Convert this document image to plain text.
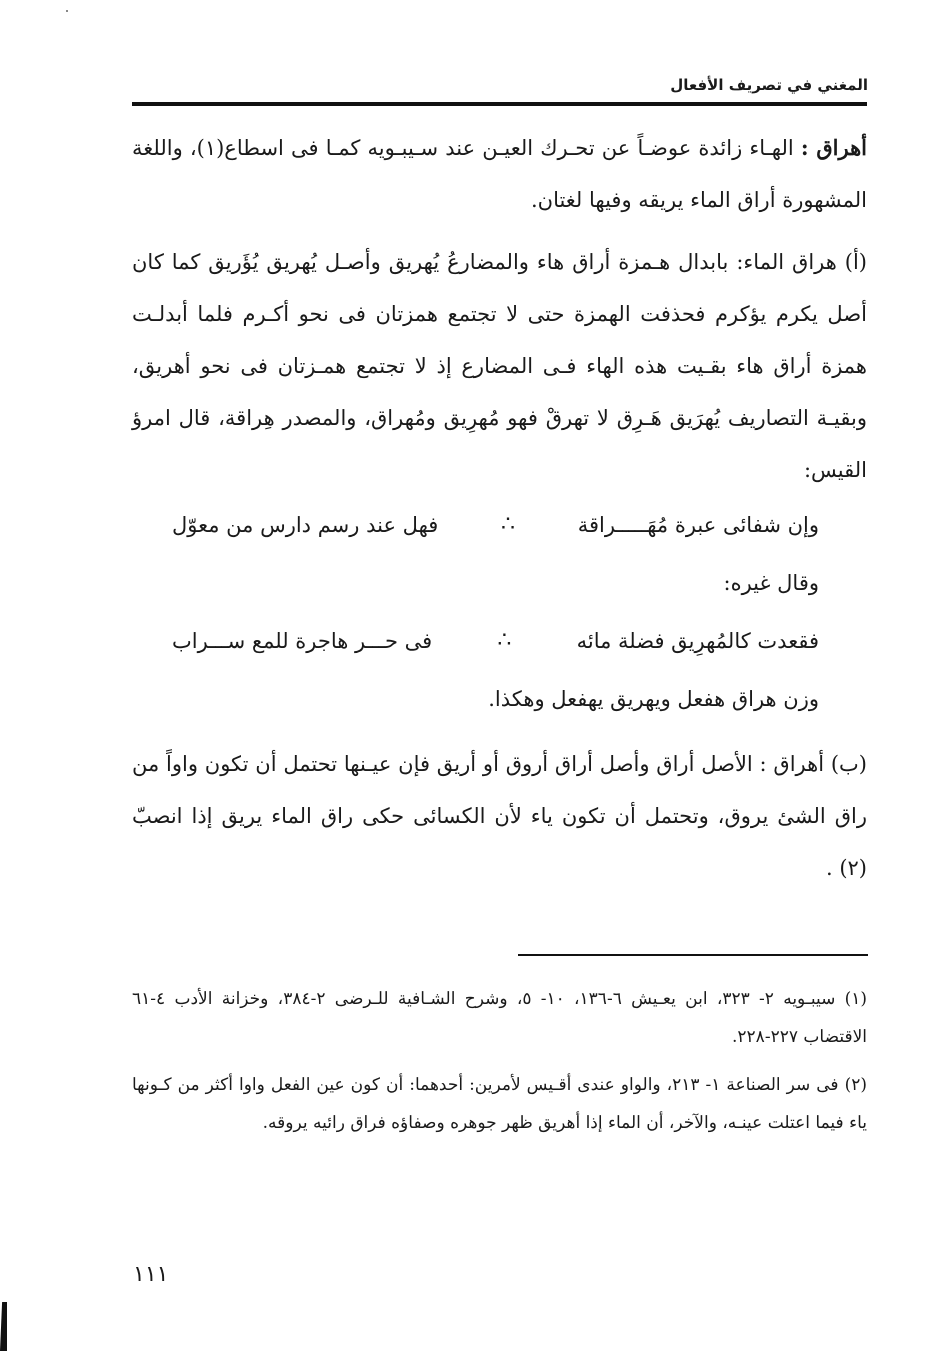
المغني في تصريف الأفعال

أهراق : الهـاء زائدة عوضـاً عن تحـرك العيـن عند سـيبـويه كمـا فى اسطاع(١)، واللغة المشهورة أراق الماء يريقه وفيها لغتان.

(أ) هراق الماء: بابدال هـمزة أراق هاء والمضارعُ يُهريق وأصـل يُهريق يُؤَريق كما كان أصل يكرم يؤكرم فحذفت الهمزة حتى لا تجتمع همزتان فى نحو أكـرم فلما أبدلـت همزة أراق هاء بقـيت هذه الهاء فـى المضارع إذ لا تجتمع همـزتان فى نحو أهريق، وبقيـة التصاريف يُهرَيق هَـرِق لا تهرقْ فهو مُهرِيق ومُهراق، والمصدر هِراقة، قال امرؤ القيس:

وإن شفائى عبرة مُهَـــــراقة
∴
فهل عند رسم دارس من معوّل
وقال غيره:
فقعدت كالمُهرِيق فضلة مائه
∴
فى حـــر هاجرة للمع ســـراب

وزن هراق هفعل ويهريق يهفعل وهكذا.

(ب) أهراق : الأصل أراق وأصل أراق أروق أو أريق فإن عيـنها تحتمل أن تكون واواً من راق الشئ يروق، وتحتمل أن تكون ياء لأن الكسائى حكى راق الماء يريق إذا انصبّ (٢) .

(١) سيبـويه ٢- ٣٢٣، ابن يعـيش ٦-١٣٦، ١٠- ٥، وشرح الشـافية للـرضى ٢-٣٨٤، وخزانة الأدب ٤-٦١ الاقتضاب ٢٢٧-٢٢٨.

(٢) فى سر الصناعة ١- ٢١٣، والواو عندى أقـيس لأمرين: أحدهما: أن كون عين الفعل واوا أكثر من كـونها ياء فيما اعتلت عينـه، والآخر، أن الماء إذا أهريق ظهر جوهره وصفاؤه فراق رائيه يروقه.

١١١
